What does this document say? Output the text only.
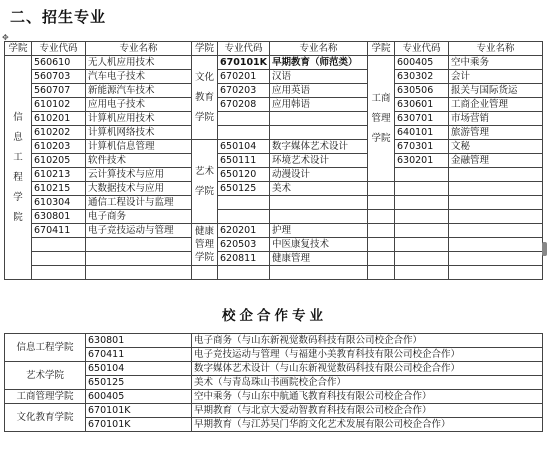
二、招生专业
✥
学院	专业代码	专业名称	学院	专业代码	专业名称	学院	专业代码	专业名称
信 息 工 程 学 院	560610	无人机应用技术	文化教育学院	670101K	早期教育（师范类）	工商管理学院	600405	空中乘务
	560703	汽车电子技术		670201	汉语		630302	会计
	560707	新能源汽车技术		670203	应用英语		630506	报关与国际货运
	610102	应用电子技术		670208	应用韩语		630601	工商企业管理
	610201	计算机应用技术					630701	市场营销
	610202	计算机网络技术					640101	旅游管理
	610203	计算机信息管理	艺术学院	650104	数字媒体艺术设计		670301	文秘
	610205	软件技术		650111	环境艺术设计		630201	金融管理
	610213	云计算技术与应用		650120	动漫设计			
	610215	大数据技术与应用		650125	美术			
	610304	通信工程设计与监理						
	630801	电子商务						
	670411	电子竞技运动与管理	健康管理学院	620201	护理			
				620503	中医康复技术			
				620811	健康管理			

校企合作专业
信息工程学院	630801	电子商务（与山东新视觉数码科技有限公司校企合作）
	670411	电子竞技运动与管理（与福建小美教育科技有限公司校企合作）
艺术学院	650104	数字媒体艺术设计（与山东新视觉数码科技有限公司校企合作）
	650125	美术（与青岛珠山书画院校企合作）
工商管理学院	600405	空中乘务（与山东中航通飞教育科技有限公司校企合作）
文化教育学院	670101K	早期教育（与北京大爱动智教育科技有限公司校企合作）
	670101K	早期教育（与江苏吴门华韵文化艺术发展有限公司校企合作）
